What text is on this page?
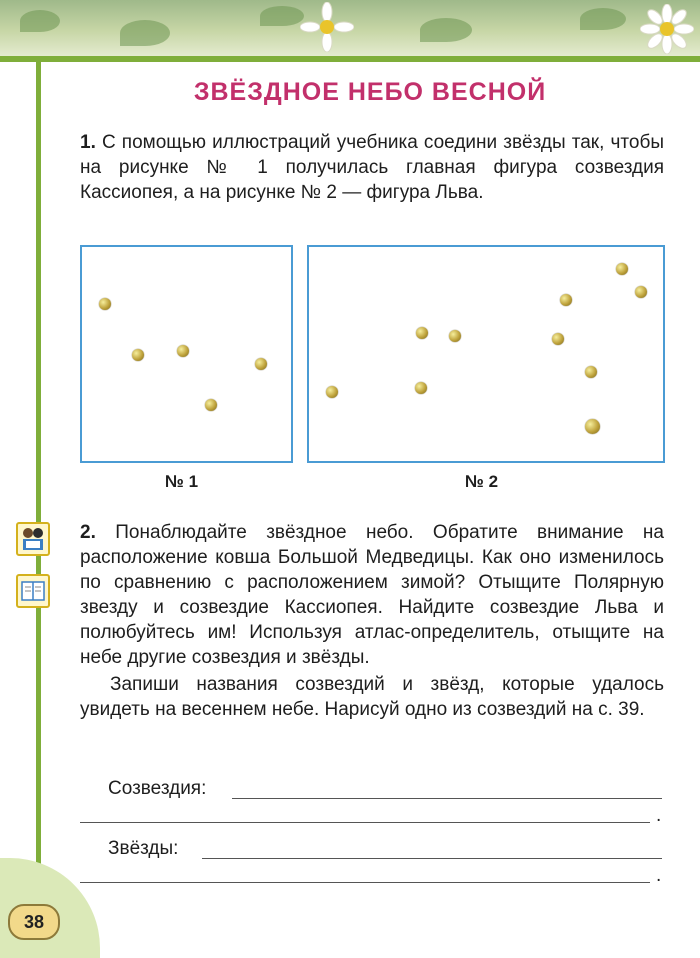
38
ЗВЁЗДНОЕ НЕБО ВЕСНОЙ
1. С помощью иллюстраций учебника соедини звёзды так, чтобы на рисунке № 1 получилась главная фигура созвездия Кассиопея, а на рисунке № 2 — фигура Льва.
№ 1	№ 2
2. Понаблюдайте звёздное небо. Обратите внимание на расположение ковша Большой Медведицы. Как оно изменилось по сравнению с расположением зимой? Отыщите Полярную звезду и созвездие Кассиопея. Найдите созвездие Льва и полюбуйтесь им! Используя атлас-определитель, отыщите на небе другие созвездия и звёзды.
Запиши названия созвездий и звёзд, которые удалось увидеть на весеннем небе. Нарисуй одно из созвездий на с. 39.
Созвездия:
.
Звёзды:
.
